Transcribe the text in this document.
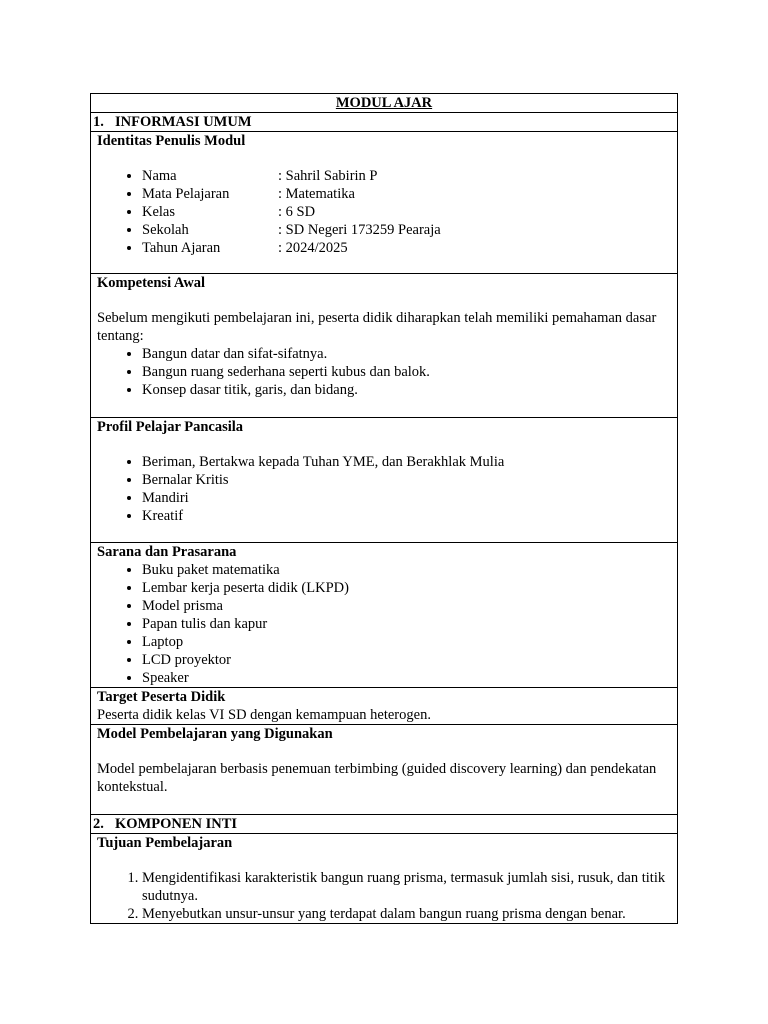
MODUL AJAR
1. INFORMASI UMUM

Identitas Penulis Modul

• Nama	: Sahril Sabirin P
• Mata Pelajaran	: Matematika
• Kelas	: 6 SD
• Sekolah	: SD Negeri 173259 Pearaja
• Tahun Ajaran	: 2024/2025

Kompetensi Awal

Sebelum mengikuti pembelajaran ini, peserta didik diharapkan telah memiliki pemahaman dasar tentang:

• Bangun datar dan sifat-sifatnya.
• Bangun ruang sederhana seperti kubus dan balok.
• Konsep dasar titik, garis, dan bidang.

Profil Pelajar Pancasila

• Beriman, Bertakwa kepada Tuhan YME, dan Berakhlak Mulia
• Bernalar Kritis
• Mandiri
• Kreatif

Sarana dan Prasarana

• Buku paket matematika
• Lembar kerja peserta didik (LKPD)
• Model prisma
• Papan tulis dan kapur
• Laptop
• LCD proyektor
• Speaker

Target Peserta Didik

Peserta didik kelas VI SD dengan kemampuan heterogen.

Model Pembelajaran yang Digunakan

Model pembelajaran berbasis penemuan terbimbing (guided discovery learning) dan pendekatan kontekstual.

2. KOMPONEN INTI

Tujuan Pembelajaran

1. Mengidentifikasi karakteristik bangun ruang prisma, termasuk jumlah sisi, rusuk, dan titik sudutnya.
2. Menyebutkan unsur-unsur yang terdapat dalam bangun ruang prisma dengan benar.
